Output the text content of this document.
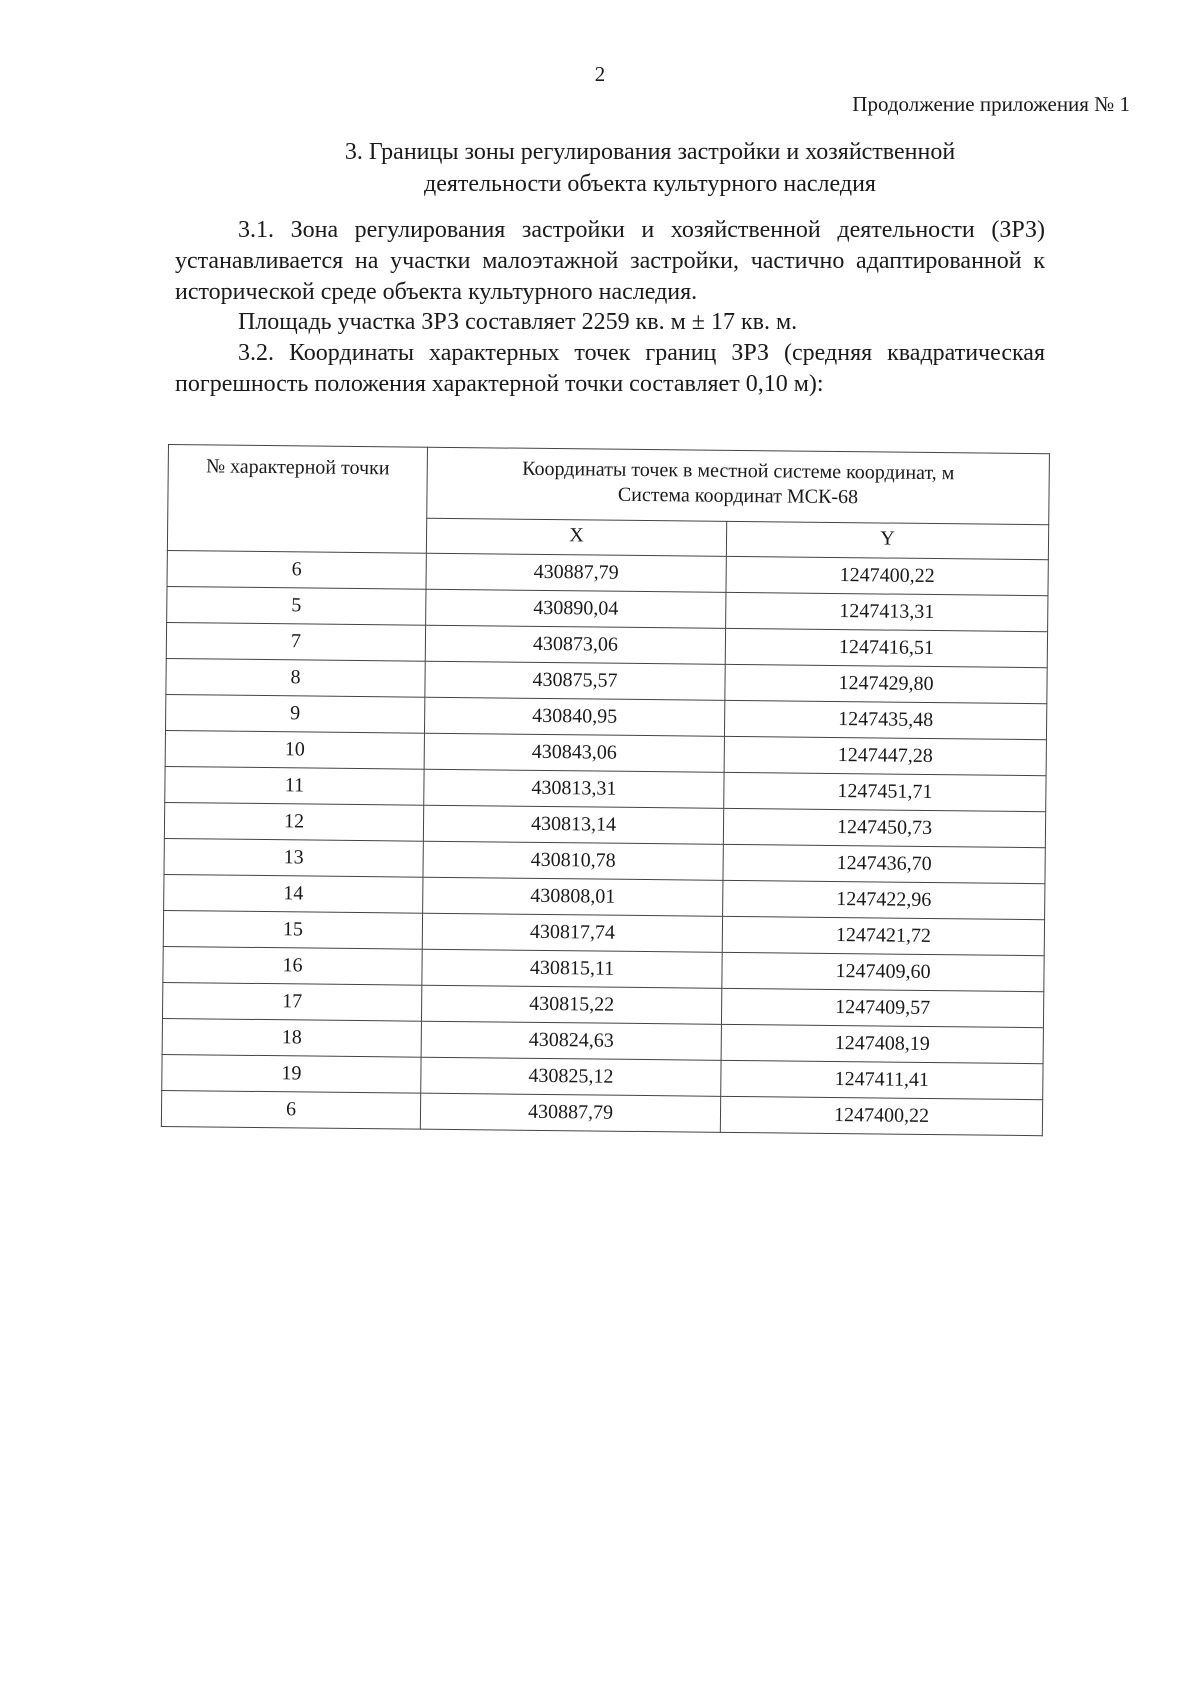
2
Продолжение приложения № 1
3. Границы зоны регулирования застройки и хозяйственной
деятельности объекта культурного наследия
3.1. Зона регулирования застройки и хозяйственной деятельности (ЗРЗ) устанавливается на участки малоэтажной застройки, частично адаптированной к исторической среде объекта культурного наследия.
Площадь участка ЗРЗ составляет 2259 кв. м ± 17 кв. м.
3.2. Координаты характерных точек границ ЗРЗ (средняя квадратическая погрешность положения характерной точки составляет 0,10 м):
№ характерной точки	Координаты точек в местной системе координат, м
Система координат МСК-68	

	X	Y
6	430887,79	1247400,22
5	430890,04	1247413,31
7	430873,06	1247416,51
8	430875,57	1247429,80
9	430840,95	1247435,48
10	430843,06	1247447,28
11	430813,31	1247451,71
12	430813,14	1247450,73
13	430810,78	1247436,70
14	430808,01	1247422,96
15	430817,74	1247421,72
16	430815,11	1247409,60
17	430815,22	1247409,57
18	430824,63	1247408,19
19	430825,12	1247411,41
6	430887,79	1247400,22
